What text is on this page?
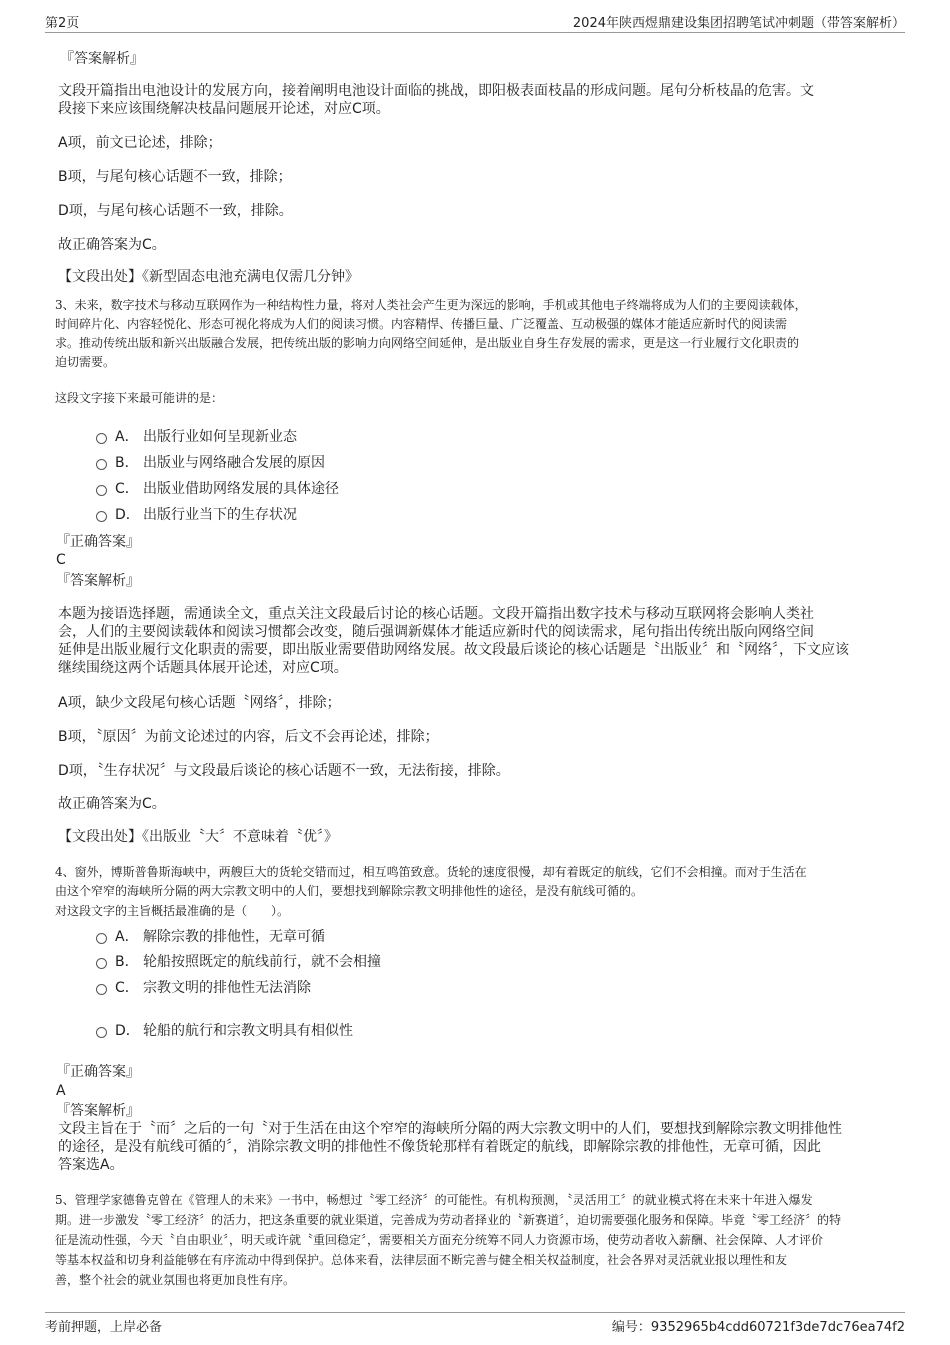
第2页	2024年陕西煜鼎建设集团招聘笔试冲刺题（带答案解析）

『答案解析』

文段开篇指出电池设计的发展方向，接着阐明电池设计面临的挑战，即阳极表面枝晶的形成问题。尾句分析枝晶的危害。文

段接下来应该围绕解决枝晶问题展开论述，对应C项。

A项，前文已论述，排除；

B项，与尾句核心话题不一致，排除；

D项，与尾句核心话题不一致，排除。

故正确答案为C。

【文段出处】《新型固态电池充满电仅需几分钟》

3、未来，数字技术与移动互联网作为一种结构性力量，将对人类社会产生更为深远的影响，手机或其他电子终端将成为人们的主要阅读载体，

时间碎片化、内容轻悦化、形态可视化将成为人们的阅读习惯。内容精悍、传播巨量、广泛覆盖、互动极强的媒体才能适应新时代的阅读需

求。推动传统出版和新兴出版融合发展，把传统出版的影响力向网络空间延伸，是出版业自身生存发展的需求，更是这一行业履行文化职责的

迫切需要。

这段文字接下来最可能讲的是：

A． 出版行业如何呈现新业态
B． 出版业与网络融合发展的原因
C． 出版业借助网络发展的具体途径
D． 出版行业当下的生存状况

『正确答案』

C

『答案解析』

本题为接语选择题，需通读全文，重点关注文段最后讨论的核心话题。文段开篇指出数字技术与移动互联网将会影响人类社

会，人们的主要阅读载体和阅读习惯都会改变，随后强调新媒体才能适应新时代的阅读需求，尾句指出传统出版向网络空间

延伸是出版业履行文化职责的需要，即出版业需要借助网络发展。故文段最后谈论的核心话题是〝出版业〞和〝网络〞，下文应该

继续围绕这两个话题具体展开论述，对应C项。

A项，缺少文段尾句核心话题〝网络〞，排除；

B项，〝原因〞为前文论述过的内容，后文不会再论述，排除；

D项，〝生存状况〞与文段最后谈论的核心话题不一致，无法衔接，排除。

故正确答案为C。

【文段出处】《出版业〝大〞不意味着〝优〞》

4、窗外，博斯普鲁斯海峡中，两艘巨大的货轮交错而过，相互鸣笛致意。货轮的速度很慢，却有着既定的航线，它们不会相撞。而对于生活在

由这个窄窄的海峡所分隔的两大宗教文明中的人们，要想找到解除宗教文明排他性的途径，是没有航线可循的。

对这段文字的主旨概括最准确的是（　　）。

A． 解除宗教的排他性，无章可循
B． 轮船按照既定的航线前行，就不会相撞
C． 宗教文明的排他性无法消除
D． 轮船的航行和宗教文明具有相似性

『正确答案』

A

『答案解析』

文段主旨在于〝而〞之后的一句〝对于生活在由这个窄窄的海峡所分隔的两大宗教文明中的人们，要想找到解除宗教文明排他性

的途径，是没有航线可循的〞，消除宗教文明的排他性不像货轮那样有着既定的航线，即解除宗教的排他性，无章可循，因此

答案选A。

5、管理学家德鲁克曾在《管理人的未来》一书中，畅想过〝零工经济〞的可能性。有机构预测，〝灵活用工〞的就业模式将在未来十年进入爆发

期。进一步激发〝零工经济〞的活力，把这条重要的就业渠道，完善成为劳动者择业的〝新赛道〞，迫切需要强化服务和保障。毕竟〝零工经济〞的特

征是流动性强，今天〝自由职业〞，明天或许就〝重回稳定〞，需要相关方面充分统筹不同人力资源市场，使劳动者收入薪酬、社会保障、人才评价

等基本权益和切身利益能够在有序流动中得到保护。总体来看，法律层面不断完善与健全相关权益制度，社会各界对灵活就业报以理性和友

善，整个社会的就业氛围也将更加良性有序。

考前押题，上岸必备	编号：9352965b4cdd60721f3de7dc76ea74f2
